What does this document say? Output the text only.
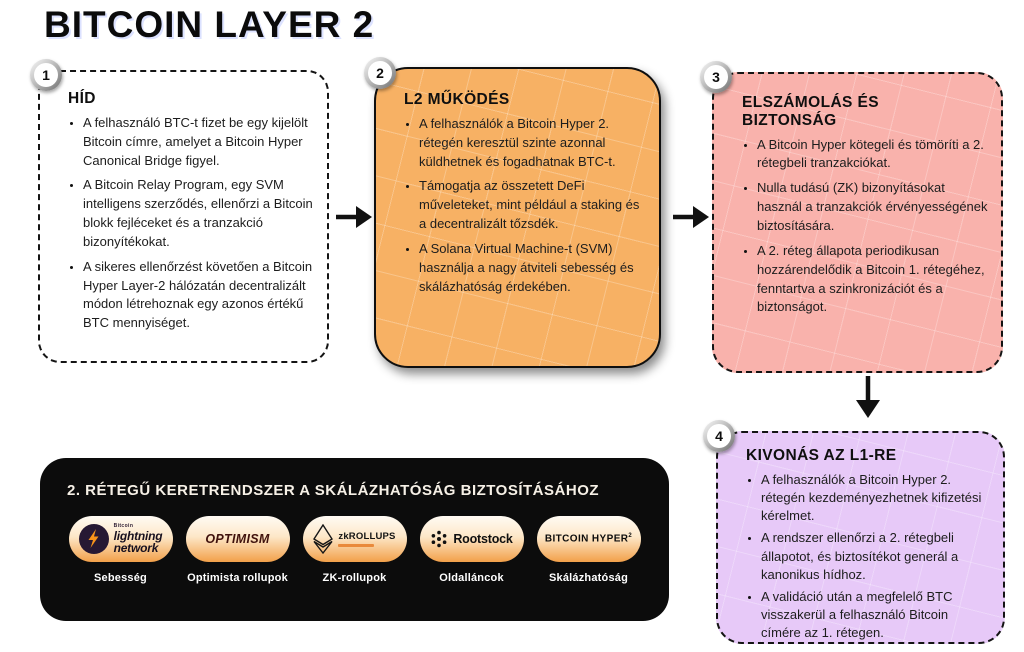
BITCOIN LAYER 2
HÍD
• A felhasználó BTC-t fizet be egy kijelölt Bitcoin címre, amelyet a Bitcoin Hyper Canonical Bridge figyel.
• A Bitcoin Relay Program, egy SVM intelligens szerződés, ellenőrzi a Bitcoin blokk fejléceket és a tranzakció bizonyítékokat.
• A sikeres ellenőrzést követően a Bitcoin Hyper Layer-2 hálózatán decentralizált módon létrehoznak egy azonos értékű BTC mennyiséget.
L2 MŰKÖDÉS
• A felhasználók a Bitcoin Hyper 2. rétegén keresztül szinte azonnal küldhetnek és fogadhatnak BTC-t.
• Támogatja az összetett DeFi műveleteket, mint például a staking és a decentralizált tőzsdék.
• A Solana Virtual Machine-t (SVM) használja a nagy átviteli sebesség és skálázhatóság érdekében.
ELSZÁMOLÁS ÉS BIZTONSÁG
• A Bitcoin Hyper kötegeli és tömöríti a 2. rétegbeli tranzakciókat.
• Nulla tudású (ZK) bizonyításokat használ a tranzakciók érvényességének biztosítására.
• A 2. réteg állapota periodikusan hozzárendelődik a Bitcoin 1. rétegéhez, fenntartva a szinkronizációt és a biztonságot.
KIVONÁS AZ L1-RE
• A felhasználók a Bitcoin Hyper 2. rétegén kezdeményezhetnek kifizetési kérelmet.
• A rendszer ellenőrzi a 2. rétegbeli állapotot, és biztosítékot generál a kanonikus hídhoz.
• A validáció után a megfelelő BTC visszakerül a felhasználó Bitcoin címére az 1. rétegen.
1	2	3
4
2. RÉTEGŰ KERETRENDSZER A SKÁLÁZHATÓSÁG BIZTOSÍTÁSÁHOZ
Bitcoin
lightning
network
Sebesség
OPTIMISM
Optimista rollupok
zkROLLUPS
ZK-rollupok
Rootstock
Oldalláncok
BITCOIN HYPER$^2$
Skálázhatóság
